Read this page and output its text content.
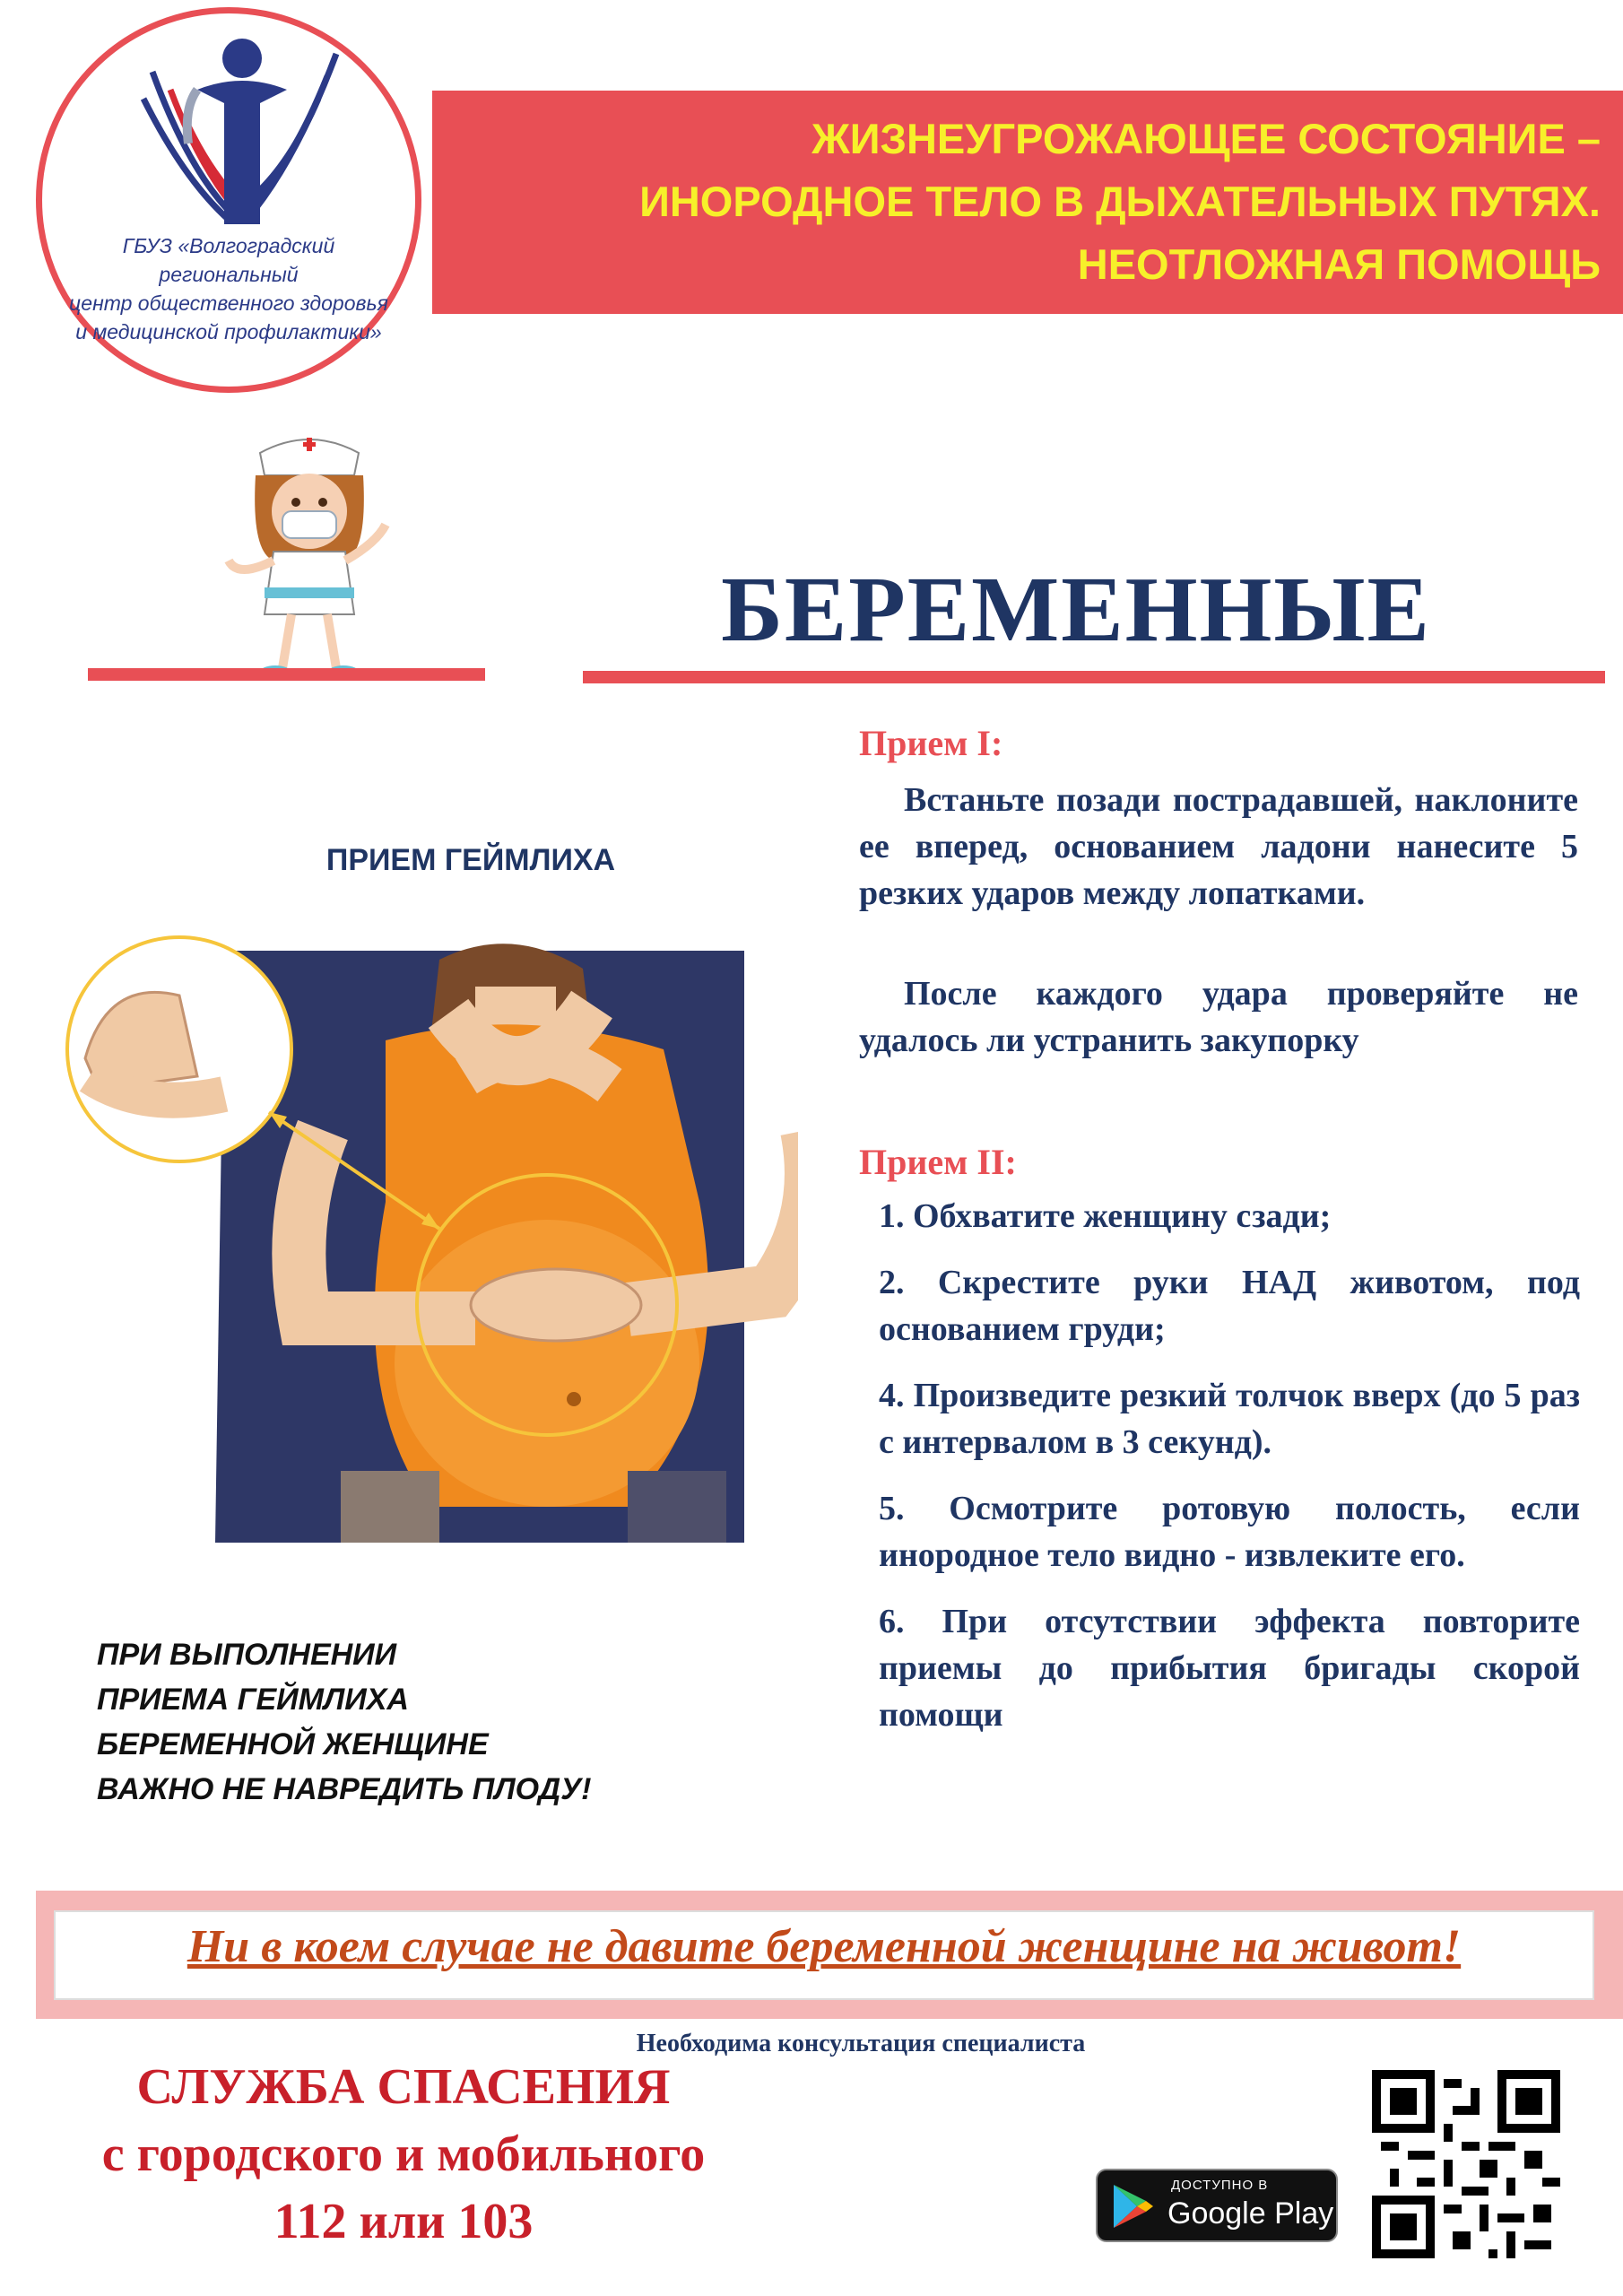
ЖИЗНЕУГРОЖАЮЩЕЕ СОСТОЯНИЕ –
ИНОРОДНОЕ ТЕЛО В ДЫХАТЕЛЬНЫХ ПУТЯХ.
НЕОТЛОЖНАЯ ПОМОЩЬ
ГБУЗ «Волгоградский региональный
центр общественного здоровья
и медицинской профилактики»
БЕРЕМЕННЫЕ
ПРИЕМ ГЕЙМЛИХА
ПРИ ВЫПОЛНЕНИИ
ПРИЕМА ГЕЙМЛИХА
БЕРЕМЕННОЙ ЖЕНЩИНЕ
ВАЖНО НЕ НАВРЕДИТЬ ПЛОДУ!
Прием I:
Встаньте позади пострадавшей, наклоните ее вперед, основанием ладони нанесите 5 резких ударов между лопатками.
После каждого удара проверяйте не удалось ли устранить закупорку
Прием II:
1. Обхватите женщину сзади;
2. Скрестите руки НАД животом, под основанием груди;
4. Произведите резкий толчок вверх (до 5 раз с интервалом в 3 секунд).
5. Осмотрите ротовую полость, если инородное тело видно - извлеките его.
6. При отсутствии эффекта повторите приемы до прибытия бригады скорой помощи
Ни в коем случае не давите беременной женщине на живот!
Необходима консультация специалиста
СЛУЖБА СПАСЕНИЯ
с городского и мобильного
112 или 103
ДОСТУПНО В
Google Play
